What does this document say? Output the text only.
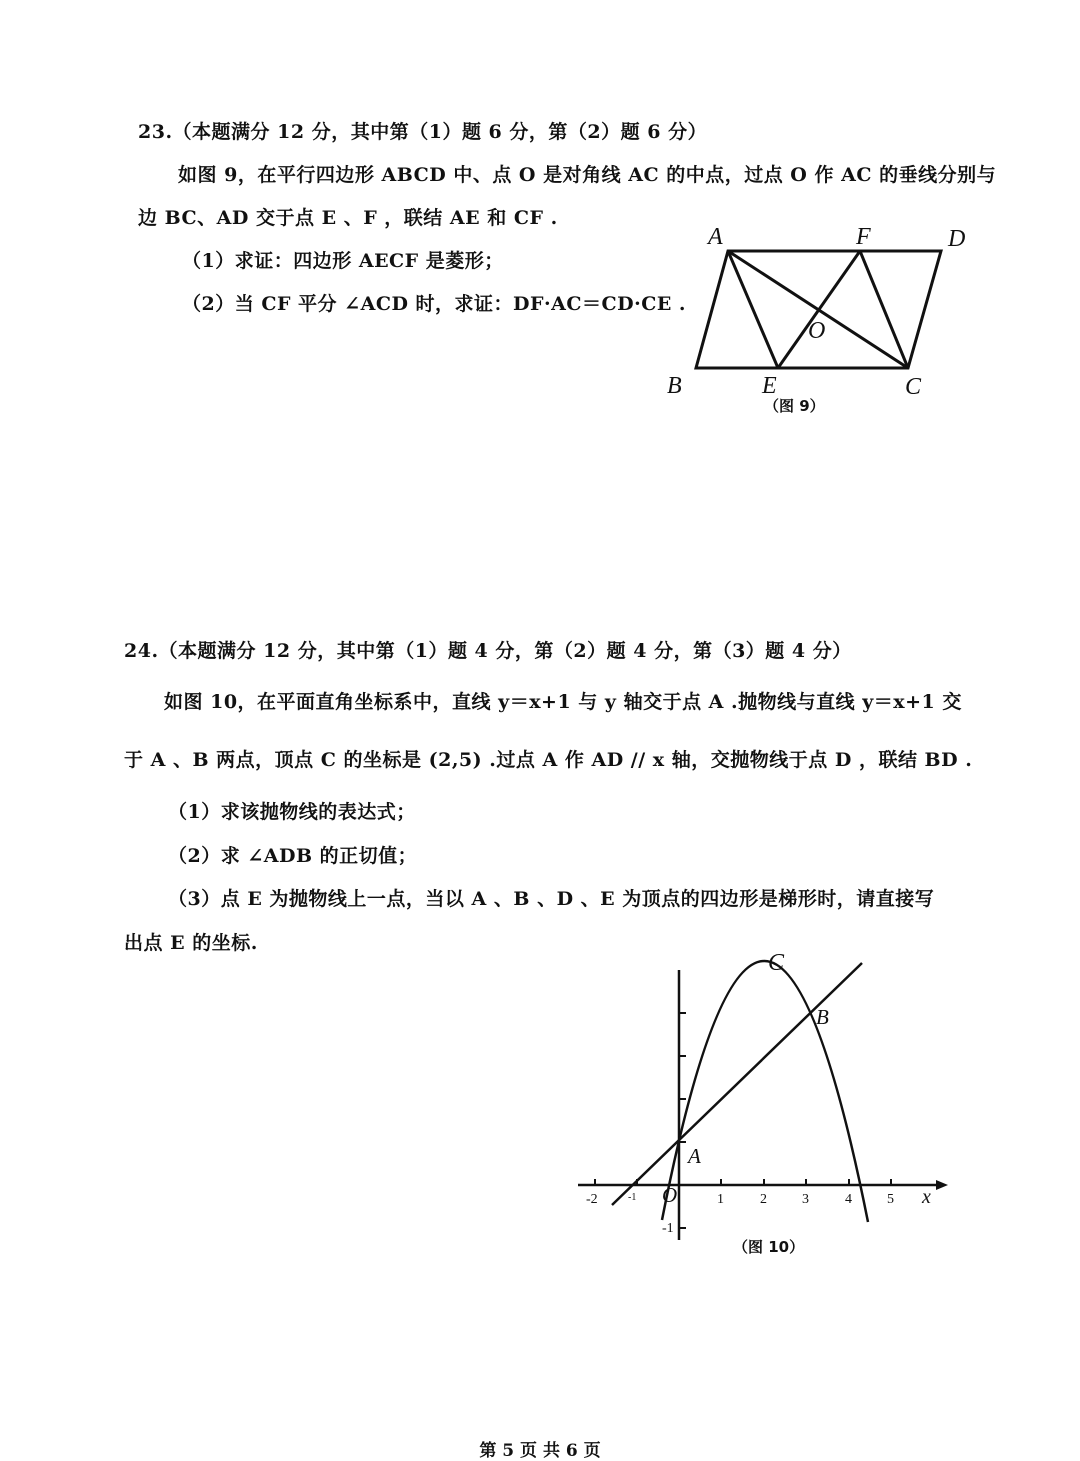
23.（本题满分 12 分，其中第（1）题 6 分，第（2）题 6 分）
如图 9，在平行四边形 ABCD 中、点 O 是对角线 AC 的中点，过点 O 作 AC 的垂线分别与
边 BC、AD 交于点 E 、F ，联结 AE 和 CF .
（1）求证：四边形 AECF 是菱形；
（2）当 CF 平分 ∠ACD 时，求证：DF·AC＝CD·CE .
A	F	D
O
B	E	C
（图 9）
24.（本题满分 12 分，其中第（1）题 4 分，第（2）题 4 分，第（3）题 4 分）
如图 10，在平面直角坐标系中，直线 y＝x+1 与 y 轴交于点 A .抛物线与直线 y＝x+1 交
于 A 、B 两点，顶点 C 的坐标是 (2,5) .过点 A 作 AD // x 轴，交抛物线于点 D ，联结 BD .
（1）求该抛物线的表达式；
（2）求 ∠ADB 的正切值；
（3）点 E 为抛物线上一点，当以 A 、B 、D 、E 为顶点的四边形是梯形时，请直接写
出点 E 的坐标.
C
B
A
O	x
-2	-1	1	2	3	4	5
-1
（图 10）
第 5 页 共 6 页
